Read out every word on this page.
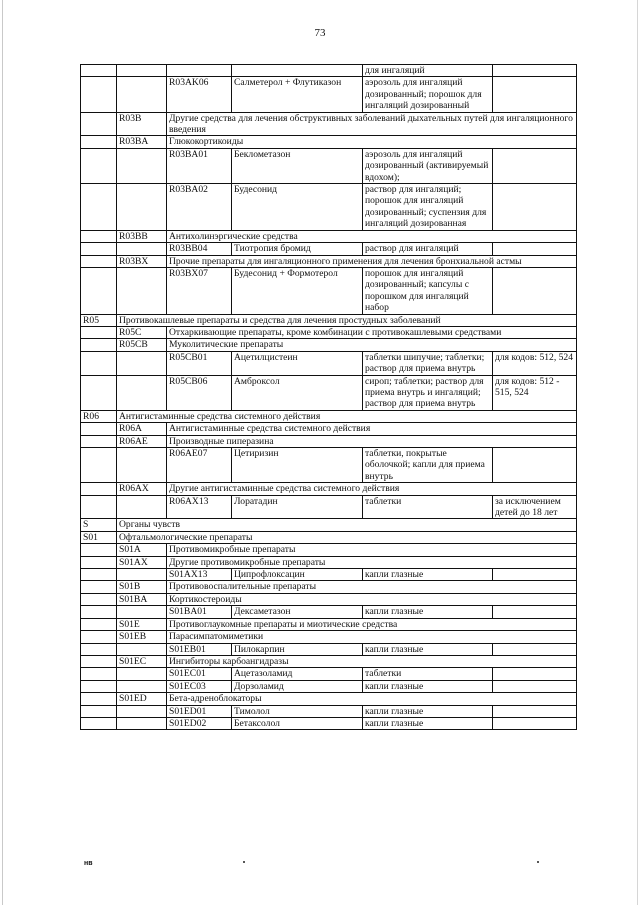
73
				для ингаляций	
		R03AK06	Салметерол + Флутиказон	аэрозоль для ингаляций дозированный; порошок для ингаляций дозированный	
	R03B	Другие средства для лечения обструктивных заболеваний дыхательных путей для ингаляционного введения			
	R03BA	Глюкокортикоиды			
		R03BA01	Беклометазон	аэрозоль для ингаляций дозированный (активируемый вдохом);	
		R03BA02	Будесонид	раствор для ингаляций; порошок для ингаляций дозированный; суспензия для ингаляций дозированная	
	R03BB	Антихолинэргические средства			
		R03BB04	Тиотропия бромид	раствор для ингаляций	
	R03BX	Прочие препараты для ингаляционного применения для лечения бронхиальной астмы			
		R03BX07	Будесонид + Формотерол	порошок для ингаляций дозированный; капсулы с порошком для ингаляций набор	
R05	Противокашлевые препараты и средства для лечения простудных заболеваний				
	R05C	Отхаркивающие препараты, кроме комбинации с противокашлевыми средствами			
	R05CB	Муколитические препараты			
		R05CB01	Ацетилцистеин	таблетки шипучие; таблетки; раствор для приема внутрь	для кодов: 512, 524
		R05CB06	Амброксол	сироп; таблетки; раствор для приема внутрь и ингаляций; раствор для приема внутрь	для кодов: 512 - 515, 524
R06	Антигистаминные средства системного действия				
	R06A	Антигистаминные средства системного действия			
	R06AE	Производные пиперазина			
		R06AE07	Цетиризин	таблетки, покрытые оболочкой; капли для приема внутрь	
	R06AX	Другие антигистаминные средства системного действия			
		R06AX13	Лоратадин	таблетки	за исключением детей до 18 лет
S	Органы чувств				
S01	Офтальмологические препараты				
	S01A	Противомикробные препараты			
	S01AX	Другие противомикробные препараты			
		S01AX13	Ципрофлоксацин	капли глазные	
	S01B	Противовоспалительные препараты			
	S01BA	Кортикостероиды			
		S01BA01	Дексаметазон	капли глазные	
	S01E	Противоглаукомные препараты и миотические средства			
	S01EB	Парасимпатомиметики			
		S01EB01	Пилокарпин	капли глазные	
	S01EC	Ингибиторы карбоангидразы			
		S01EC01	Ацетазоламид	таблетки	
		S01EC03	Дорзоламид	капли глазные	
	S01ED	Бета-адреноблокаторы			
		S01ED01	Тимолол	капли глазные	
		S01ED02	Бетаксолол	капли глазные	
нв
